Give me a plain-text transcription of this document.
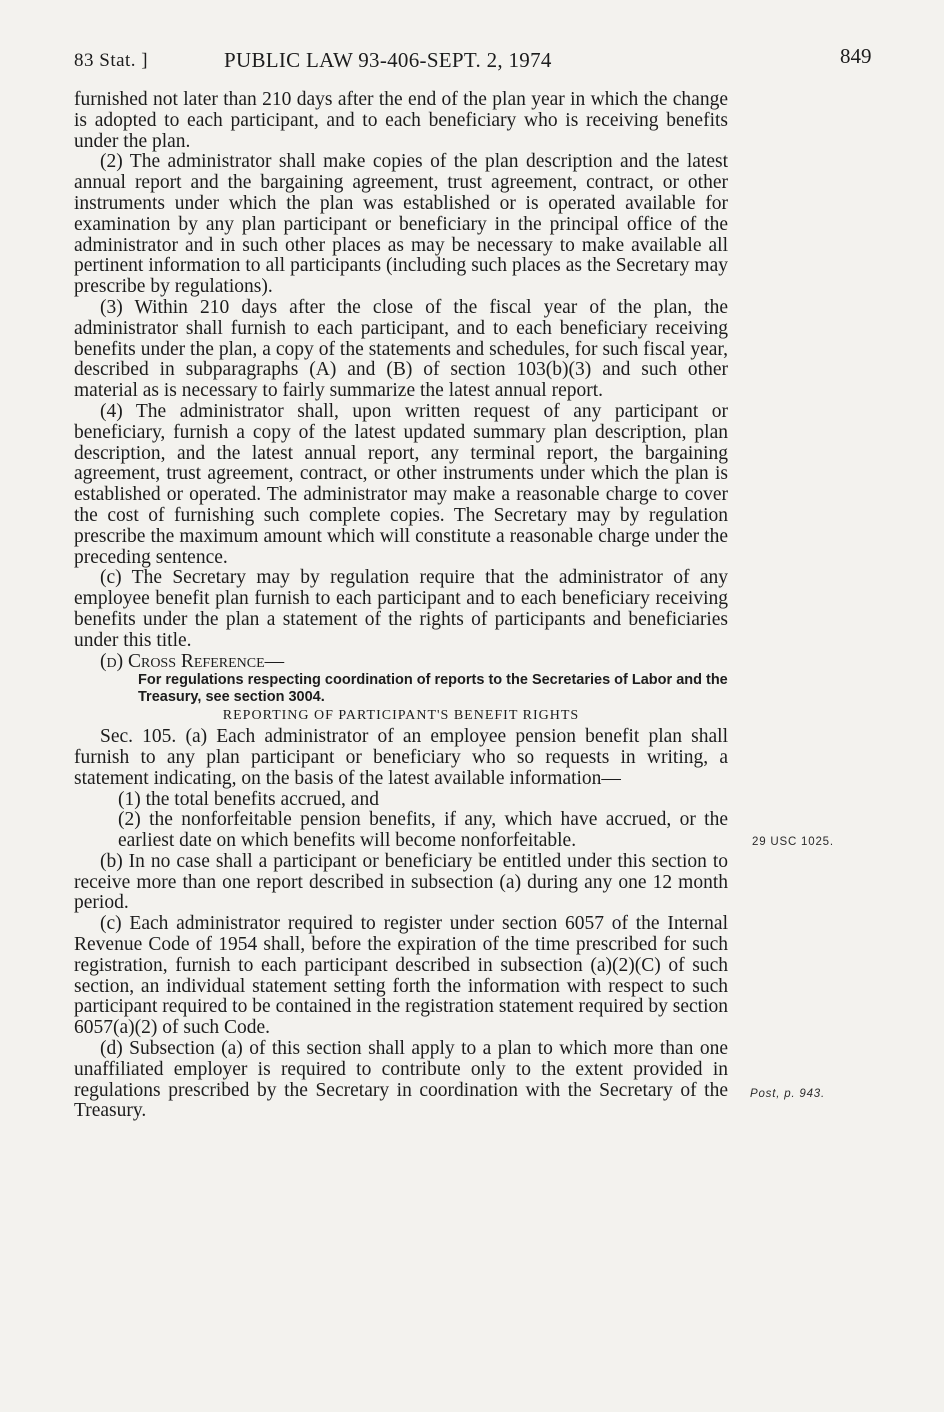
83 Stat. ]	PUBLIC LAW 93-406-SEPT. 2, 1974	849

furnished not later than 210 days after the end of the plan year in which the change is adopted to each participant, and to each beneficiary who is receiving benefits under the plan.

(2) The administrator shall make copies of the plan description and the latest annual report and the bargaining agreement, trust agreement, contract, or other instruments under which the plan was established or is operated available for examination by any plan participant or beneficiary in the principal office of the administrator and in such other places as may be necessary to make available all pertinent information to all participants (including such places as the Secretary may prescribe by regulations).

(3) Within 210 days after the close of the fiscal year of the plan, the administrator shall furnish to each participant, and to each beneficiary receiving benefits under the plan, a copy of the statements and schedules, for such fiscal year, described in subparagraphs (A) and (B) of section 103(b)(3) and such other material as is necessary to fairly summarize the latest annual report.

(4) The administrator shall, upon written request of any participant or beneficiary, furnish a copy of the latest updated summary plan description, plan description, and the latest annual report, any terminal report, the bargaining agreement, trust agreement, contract, or other instruments under which the plan is established or operated. The administrator may make a reasonable charge to cover the cost of furnishing such complete copies. The Secretary may by regulation prescribe the maximum amount which will constitute a reasonable charge under the preceding sentence.

(c) The Secretary may by regulation require that the administrator of any employee benefit plan furnish to each participant and to each beneficiary receiving benefits under the plan a statement of the rights of participants and beneficiaries under this title.

(d) Cross Reference—

For regulations respecting coordination of reports to the Secretaries of Labor and the Treasury, see section 3004.

REPORTING OF PARTICIPANT'S BENEFIT RIGHTS

Sec. 105. (a) Each administrator of an employee pension benefit plan shall furnish to any plan participant or beneficiary who so requests in writing, a statement indicating, on the basis of the latest available information—

(1) the total benefits accrued, and

(2) the nonforfeitable pension benefits, if any, which have accrued, or the earliest date on which benefits will become nonforfeitable.

(b) In no case shall a participant or beneficiary be entitled under this section to receive more than one report described in subsection (a) during any one 12 month period.

(c) Each administrator required to register under section 6057 of the Internal Revenue Code of 1954 shall, before the expiration of the time prescribed for such registration, furnish to each participant described in subsection (a)(2)(C) of such section, an individual statement setting forth the information with respect to such participant required to be contained in the registration statement required by section 6057(a)(2) of such Code.

(d) Subsection (a) of this section shall apply to a plan to which more than one unaffiliated employer is required to contribute only to the extent provided in regulations prescribed by the Secretary in coordination with the Secretary of the Treasury.

29 USC 1025.
Post, p. 943.
